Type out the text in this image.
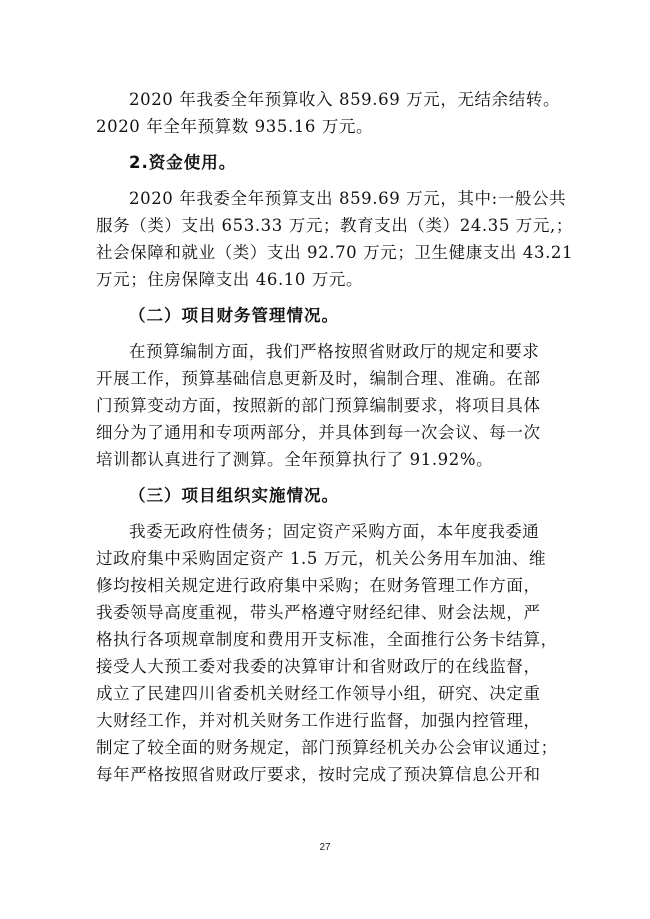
2020 年我委全年预算收入 859.69 万元，无结余结转。
2020 年全年预算数 935.16 万元。
2.资金使用。
2020 年我委全年预算支出 859.69 万元，其中:一般公共
服务（类）支出 653.33 万元；教育支出（类）24.35 万元,；
社会保障和就业（类）支出 92.70 万元；卫生健康支出 43.21
万元；住房保障支出 46.10 万元。
（二）项目财务管理情况。
在预算编制方面，我们严格按照省财政厅的规定和要求
开展工作，预算基础信息更新及时，编制合理、准确。在部
门预算变动方面，按照新的部门预算编制要求，将项目具体
细分为了通用和专项两部分，并具体到每一次会议、每一次
培训都认真进行了测算。全年预算执行了 91.92%。
（三）项目组织实施情况。
我委无政府性债务；固定资产采购方面，本年度我委通
过政府集中采购固定资产 1.5 万元，机关公务用车加油、维
修均按相关规定进行政府集中采购；在财务管理工作方面，
我委领导高度重视，带头严格遵守财经纪律、财会法规，严
格执行各项规章制度和费用开支标准，全面推行公务卡结算，
接受人大预工委对我委的决算审计和省财政厅的在线监督，
成立了民建四川省委机关财经工作领导小组，研究、决定重
大财经工作，并对机关财务工作进行监督，加强内控管理，
制定了较全面的财务规定，部门预算经机关办公会审议通过；
每年严格按照省财政厅要求，按时完成了预决算信息公开和
27
